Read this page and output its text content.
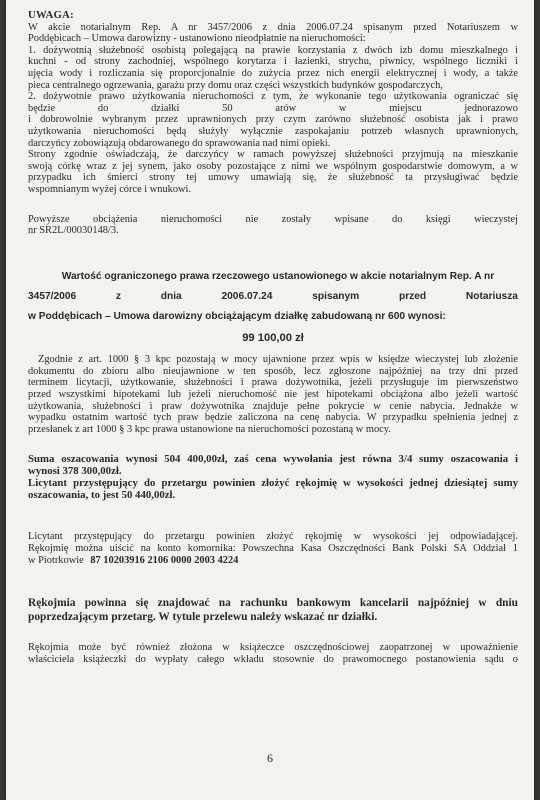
UWAGA:

W akcie notarialnym Rep. A nr 3457/2006 z dnia 2006.07.24 spisanym przed Notariuszem w

Poddębicach – Umowa darowizny - ustanowiono nieodpłatnie na nieruchomości:

1. dożywotnią służebność osobistą polegającą na prawie korzystania z dwóch izb domu mieszkalnego i

kuchni - od strony zachodniej, wspólnego korytarza i łazienki, strychu, piwnicy, wspólnego liczniki i

ujęcia wody i rozliczania się proporcjonalnie do zużycia przez nich energii elektrycznej i wody, a także

pieca centralnego ogrzewania, garażu przy domu oraz części wszystkich budynków gospodarczych,

2. dożywotnie prawo użytkowania nieruchomości z tym, że wykonanie tego użytkowania ograniczać się

będzie do działki 50 arów w miejscu jednorazowo

i dobrowolnie wybranym przez uprawnionych przy czym zarówno służebność osobista jak i prawo

użytkowania nieruchomości będą służyły wyłącznie zaspokajaniu potrzeb własnych uprawnionych,

darczyńcy zobowiązują obdarowanego do sprawowania nad nimi opieki.

Strony zgodnie oświadczają, że darczyńcy w ramach powyższej służebności przyjmują na mieszkanie

swoją córkę wraz z jej synem, jako osoby pozostające z nimi we wspólnym gospodarstwie domowym, a w

przypadku ich śmierci strony tej umowy umawiają się, że służebność ta przysługiwać będzie

wspomnianym wyżej córce i wnukowi.

Powyższe obciążenia nieruchomości nie zostały wpisane do księgi wieczystej

nr SR2L/00030148/3.

Wartość ograniczonego prawa rzeczowego ustanowionego w akcie notarialnym Rep. A nr

3457/2006	z	dnia	2006.07.24	spisanym	przed	Notariusza

w Poddębicach – Umowa darowizny obciążającym działkę zabudowaną nr 600 wynosi:

99 100,00 zł

Zgodnie z art. 1000 § 3 kpc pozostają w mocy ujawnione przez wpis w księdze wieczystej lub złożenie

dokumentu do zbioru albo nieujawnione w ten sposób, lecz zgłoszone najpóźniej na trzy dni przed

terminem licytacji, użytkowanie, służebności i prawa dożywotnika, jeżeli przysługuje im pierwszeństwo

przed wszystkimi hipotekami lub jeżeli nieruchomość nie jest hipotekami obciążona albo jeżeli wartość

użytkowania, służebności i praw dożywotnika znajduje pełne pokrycie w cenie nabycia. Jednakże w

wypadku ostatnim wartość tych praw będzie zaliczona na cenę nabycia. W przypadku spełnienia jednej z

przesłanek z art 1000 § 3 kpc prawa ustanowione na nieruchomości pozostaną w mocy.

Suma oszacowania wynosi 504 400,00zł, zaś cena wywołania jest równa 3/4 sumy oszacowania i

wynosi 378 300,00zł.

Licytant przystępujący do przetargu powinien złożyć rękojmię w wysokości jednej dziesiątej sumy

oszacowania, to jest 50 440,00zł.

Licytant przystępujący do przetargu powinien złożyć rękojmię w wysokości jej odpowiadającej.

Rękojmię można uiścić na konto komornika: Powszechna Kasa Oszczędności Bank Polski SA Oddział 1

w Piotrkowie 87 10203916 2106 0000 2003 4224

Rękojmia powinna się znajdować na rachunku bankowym kancelarii najpóźniej w dniu

poprzedzającym przetarg. W tytule przelewu należy wskazać nr działki.

Rękojmia może być również złożona w książeczce oszczędnościowej zaopatrzonej w upoważnienie

właściciela książeczki do wypłaty całego wkładu stosownie do prawomocnego postanowienia sądu o

6
